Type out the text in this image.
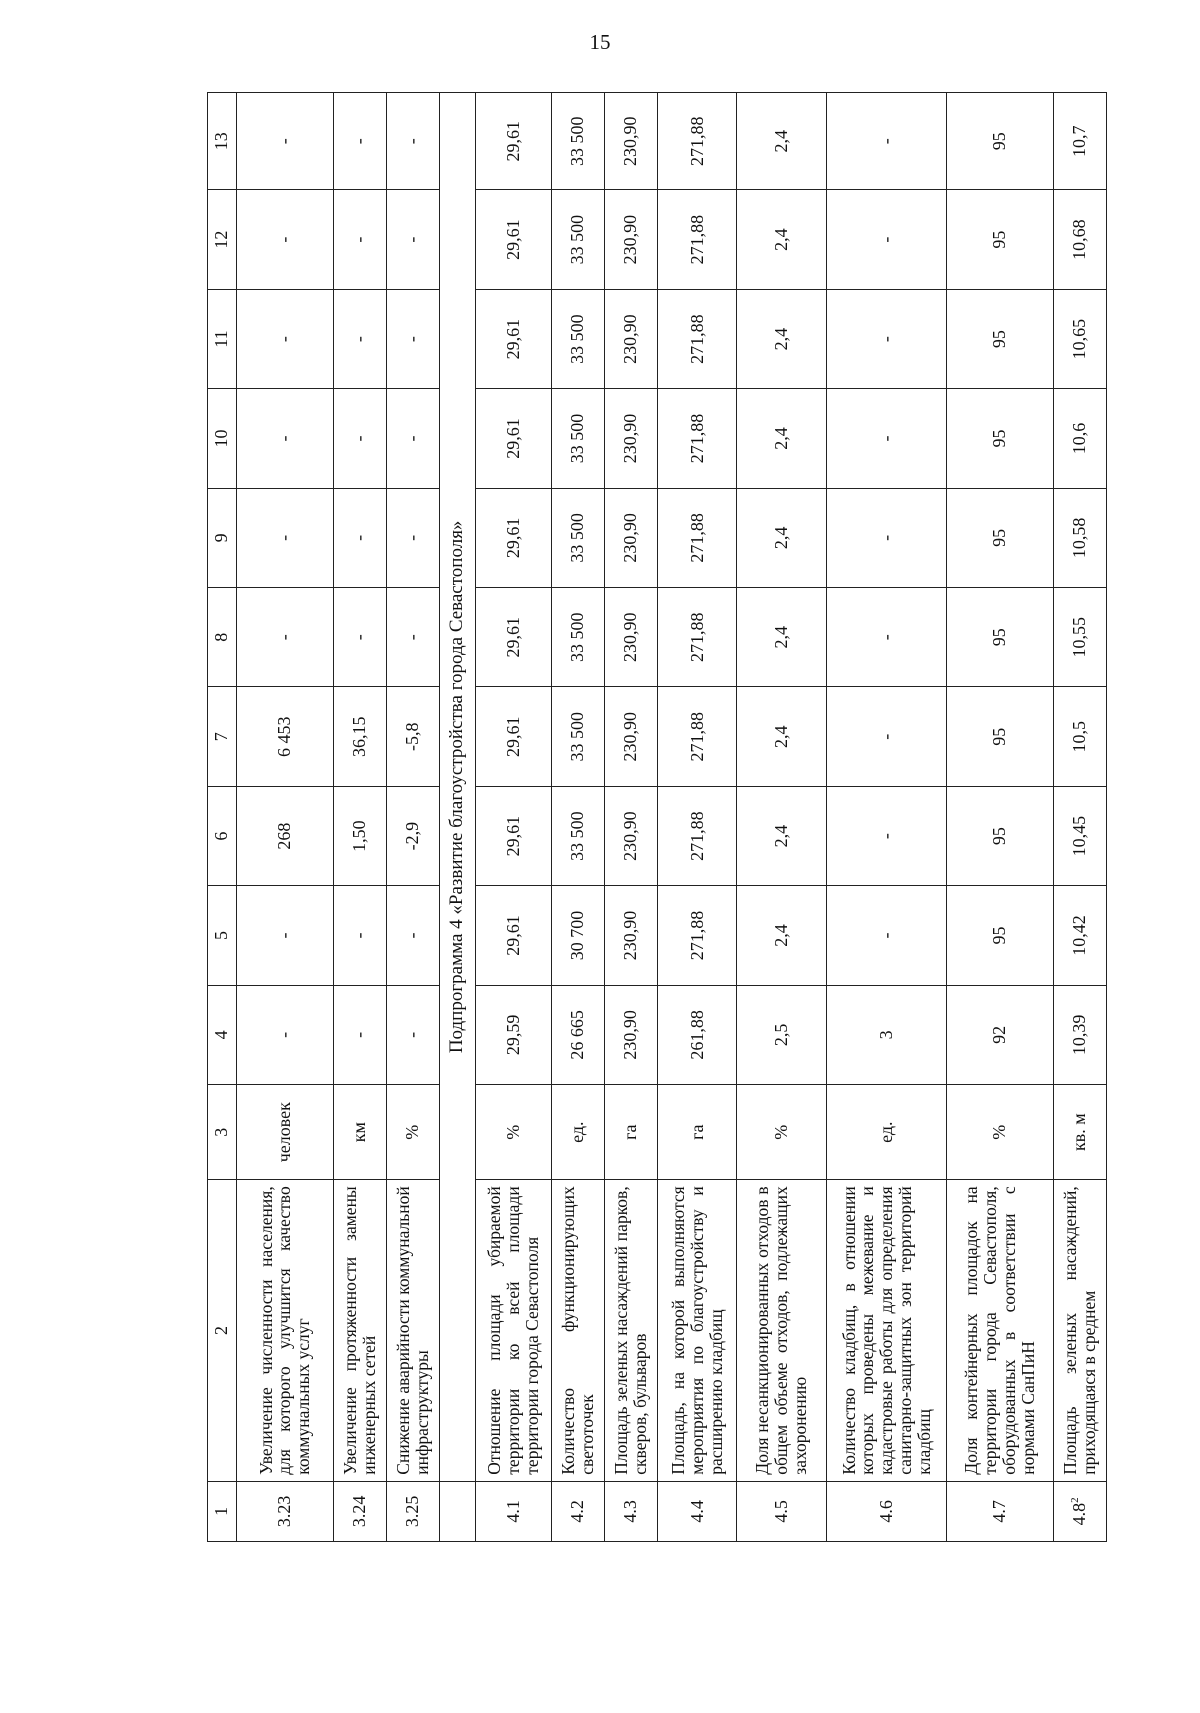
15
1	2	3	4	5	6	7	8	9	10	11	12	13
3.23	Увеличение численности населения, для которого улучшится качество коммунальных услуг	человек	-	-	268	6 453	-	-	-	-	-	-
3.24	Увеличение протяженности замены инженерных сетей	км	-	-	1,50	36,15	-	-	-	-	-	-
3.25	Снижение аварийности коммунальной инфраструктуры	%	-	-	-2,9	-5,8	-	-	-	-	-	-
	Подпрограмма 4 «Развитие благоустройства города Севастополя»											
4.1	Отношение площади убираемой территории ко всей площади территории города Севастополя	%	29,59	29,61	29,61	29,61	29,61	29,61	29,61	29,61	29,61	29,61
4.2	Количество функционирующих светоточек	ед.	26 665	30 700	33 500	33 500	33 500	33 500	33 500	33 500	33 500	33 500
4.3	Площадь зеленых насаждений парков, скверов, бульваров	га	230,90	230,90	230,90	230,90	230,90	230,90	230,90	230,90	230,90	230,90
4.4	Площадь, на которой выполняются мероприятия по благоустройству и расширению кладбищ	га	261,88	271,88	271,88	271,88	271,88	271,88	271,88	271,88	271,88	271,88
4.5	Доля несанкционированных отходов в общем объеме отходов, подлежащих захоронению	%	2,5	2,4	2,4	2,4	2,4	2,4	2,4	2,4	2,4	2,4
4.6	Количество кладбищ, в отношении которых проведены межевание и кадастровые работы для определения санитарно-защитных зон территорий кладбищ	ед.	3	-	-	-	-	-	-	-	-	-
4.7	Доля контейнерных площадок на территории города Севастополя, оборудованных в соответствии с нормами СанПиН	%	92	95	95	95	95	95	95	95	95	95
$4.8^2$	Площадь зеленых насаждений, приходящаяся в среднем	кв. м	10,39	10,42	10,45	10,5	10,55	10,58	10,6	10,65	10,68	10,7
